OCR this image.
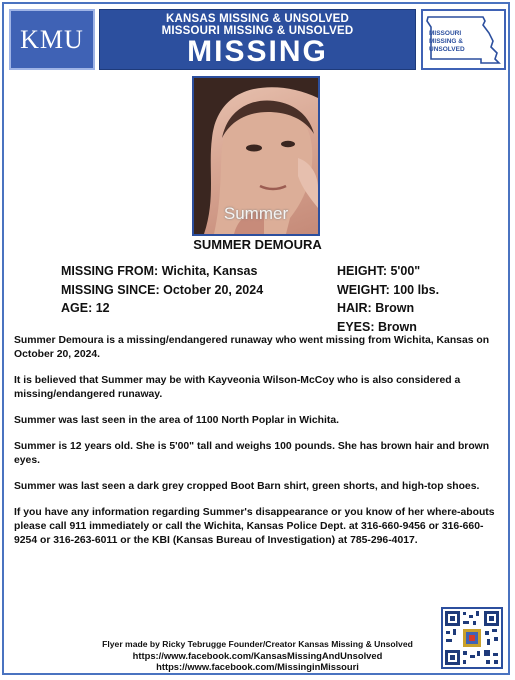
KMU
KANSAS MISSING & UNSOLVED
MISSOURI MISSING & UNSOLVED
MISSING
MISSOURI
MISSING &
UNSOLVED
Summer
SUMMER DEMOURA
MISSING FROM: Wichita, Kansas
MISSING SINCE: October 20, 2024
AGE: 12
HEIGHT: 5'00"
WEIGHT: 100 lbs.
HAIR: Brown
EYES: Brown

Summer Demoura is a missing/endangered runaway who went missing from Wichita, Kansas on October 20, 2024.

It is believed that Summer may be with Kayveonia Wilson-McCoy who is also considered a missing/endangered runaway.

Summer was last seen in the area of 1100 North Poplar in Wichita.

Summer is 12 years old. She is 5'00" tall and weighs 100 pounds. She has brown hair and brown eyes.

Summer was last seen a dark grey cropped Boot Barn shirt, green shorts, and high-top shoes.

If you have any information regarding Summer's disappearance or you know of her where-abouts please call 911 immediately or call the Wichita, Kansas Police Dept. at 316-660-9456 or 316-660-9254 or 316-263-6011 or the KBI (Kansas Bureau of Investigation) at 785-296-4017.

Flyer made by Ricky Tebrugge Founder/Creator Kansas Missing & Unsolved
https://www.facebook.com/KansasMissingAndUnsolved
https://www.facebook.com/MissinginMissouri
